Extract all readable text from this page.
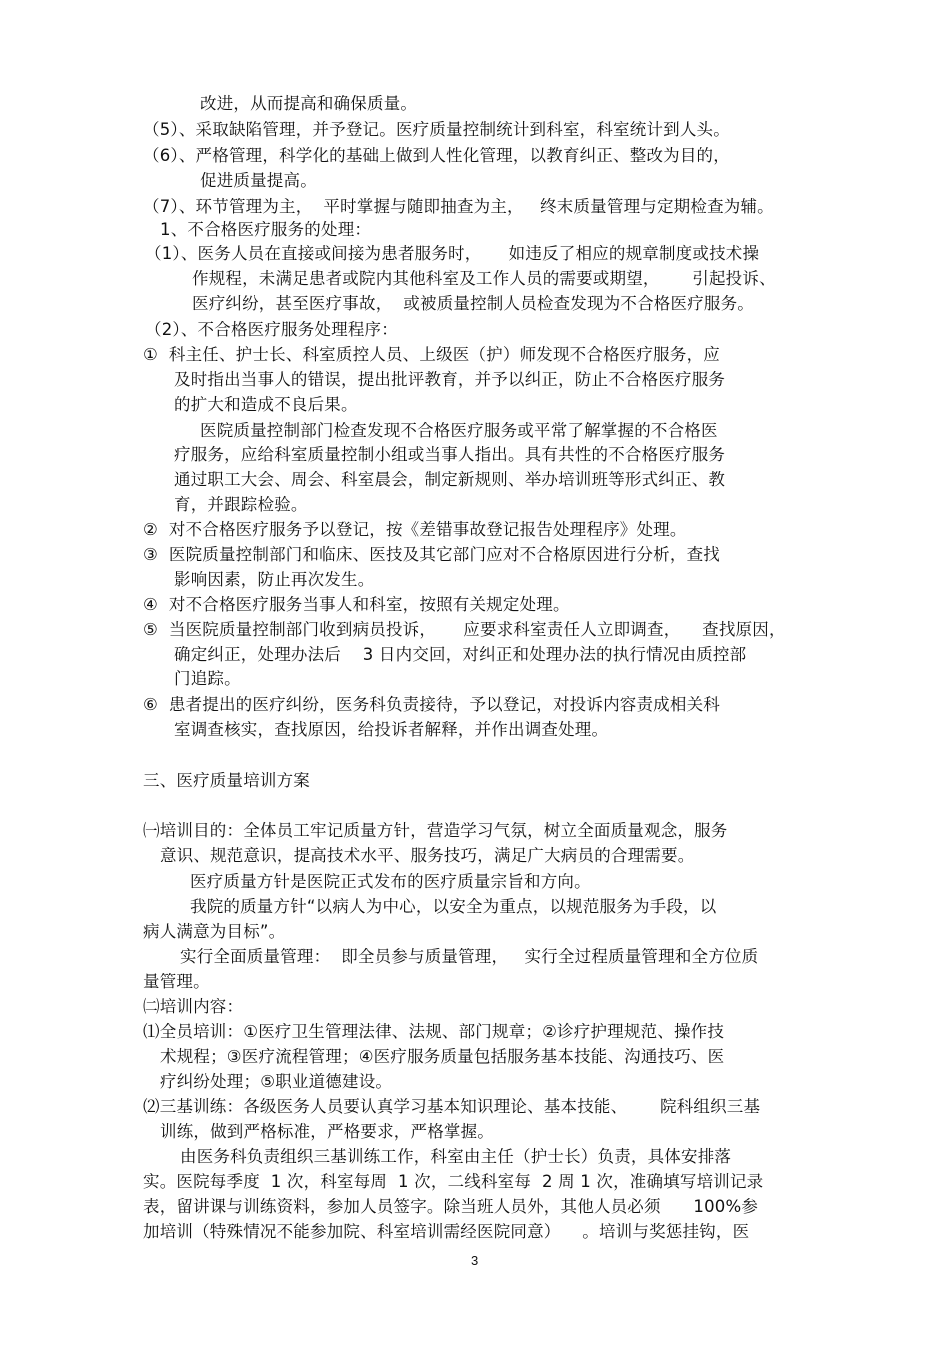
改进，从而提高和确保质量。
（5）、采取缺陷管理，并予登记。医疗质量控制统计到科室，科室统计到人头。
（6）、严格管理，科学化的基础上做到人性化管理，以教育纠正、整改为目的，
促进质量提高。
（7）、环节管理为主，  平时掌握与随即抽查为主，   终末质量管理与定期检查为辅。
1、不合格医疗服务的处理：
（1）、医务人员在直接或间接为患者服务时，     如违反了相应的规章制度或技术操
作规程，未满足患者或院内其他科室及工作人员的需要或期望，      引起投诉、
医疗纠纷，甚至医疗事故，  或被质量控制人员检查发现为不合格医疗服务。
（2）、不合格医疗服务处理程序：
①  科主任、护士长、科室质控人员、上级医（护）师发现不合格医疗服务，应
及时指出当事人的错误，提出批评教育，并予以纠正，防止不合格医疗服务
的扩大和造成不良后果。
医院质量控制部门检查发现不合格医疗服务或平常了解掌握的不合格医
疗服务，应给科室质量控制小组或当事人指出。具有共性的不合格医疗服务
通过职工大会、周会、科室晨会，制定新规则、举办培训班等形式纠正、教
育，并跟踪检验。
②  对不合格医疗服务予以登记，按《差错事故登记报告处理程序》处理。
③  医院质量控制部门和临床、医技及其它部门应对不合格原因进行分析，查找
影响因素，防止再次发生。
④  对不合格医疗服务当事人和科室，按照有关规定处理。
⑤  当医院质量控制部门收到病员投诉，     应要求科室责任人立即调查，    查找原因，
确定纠正，处理办法后    3 日内交回，对纠正和处理办法的执行情况由质控部
门追踪。
⑥  患者提出的医疗纠纷，医务科负责接待，予以登记，对投诉内容责成相关科
室调查核实，查找原因，给投诉者解释，并作出调查处理。
三、医疗质量培训方案
㈠培训目的：全体员工牢记质量方针，营造学习气氛，树立全面质量观念，服务
意识、规范意识，提高技术水平、服务技巧，满足广大病员的合理需要。
医疗质量方针是医院正式发布的医疗质量宗旨和方向。
我院的质量方针“以病人为中心，以安全为重点，以规范服务为手段，以
病人满意为目标”。
实行全面质量管理：  即全员参与质量管理，   实行全过程质量管理和全方位质
量管理。
㈡培训内容：
⑴全员培训：①医疗卫生管理法律、法规、部门规章；②诊疗护理规范、操作技
术规程；③医疗流程管理；④医疗服务质量包括服务基本技能、沟通技巧、医
疗纠纷处理；⑤职业道德建设。
⑵三基训练：各级医务人员要认真学习基本知识理论、基本技能、      院科组织三基
训练，做到严格标准，严格要求，严格掌握。
由医务科负责组织三基训练工作，科室由主任（护士长）负责，具体安排落
实。医院每季度  1 次，科室每周  1 次，二线科室每  2 周 1 次，准确填写培训记录
表，留讲课与训练资料，参加人员签字。除当班人员外，其他人员必须      100%参
加培训（特殊情况不能参加院、科室培训需经医院同意）    。培训与奖惩挂钩，医
3
